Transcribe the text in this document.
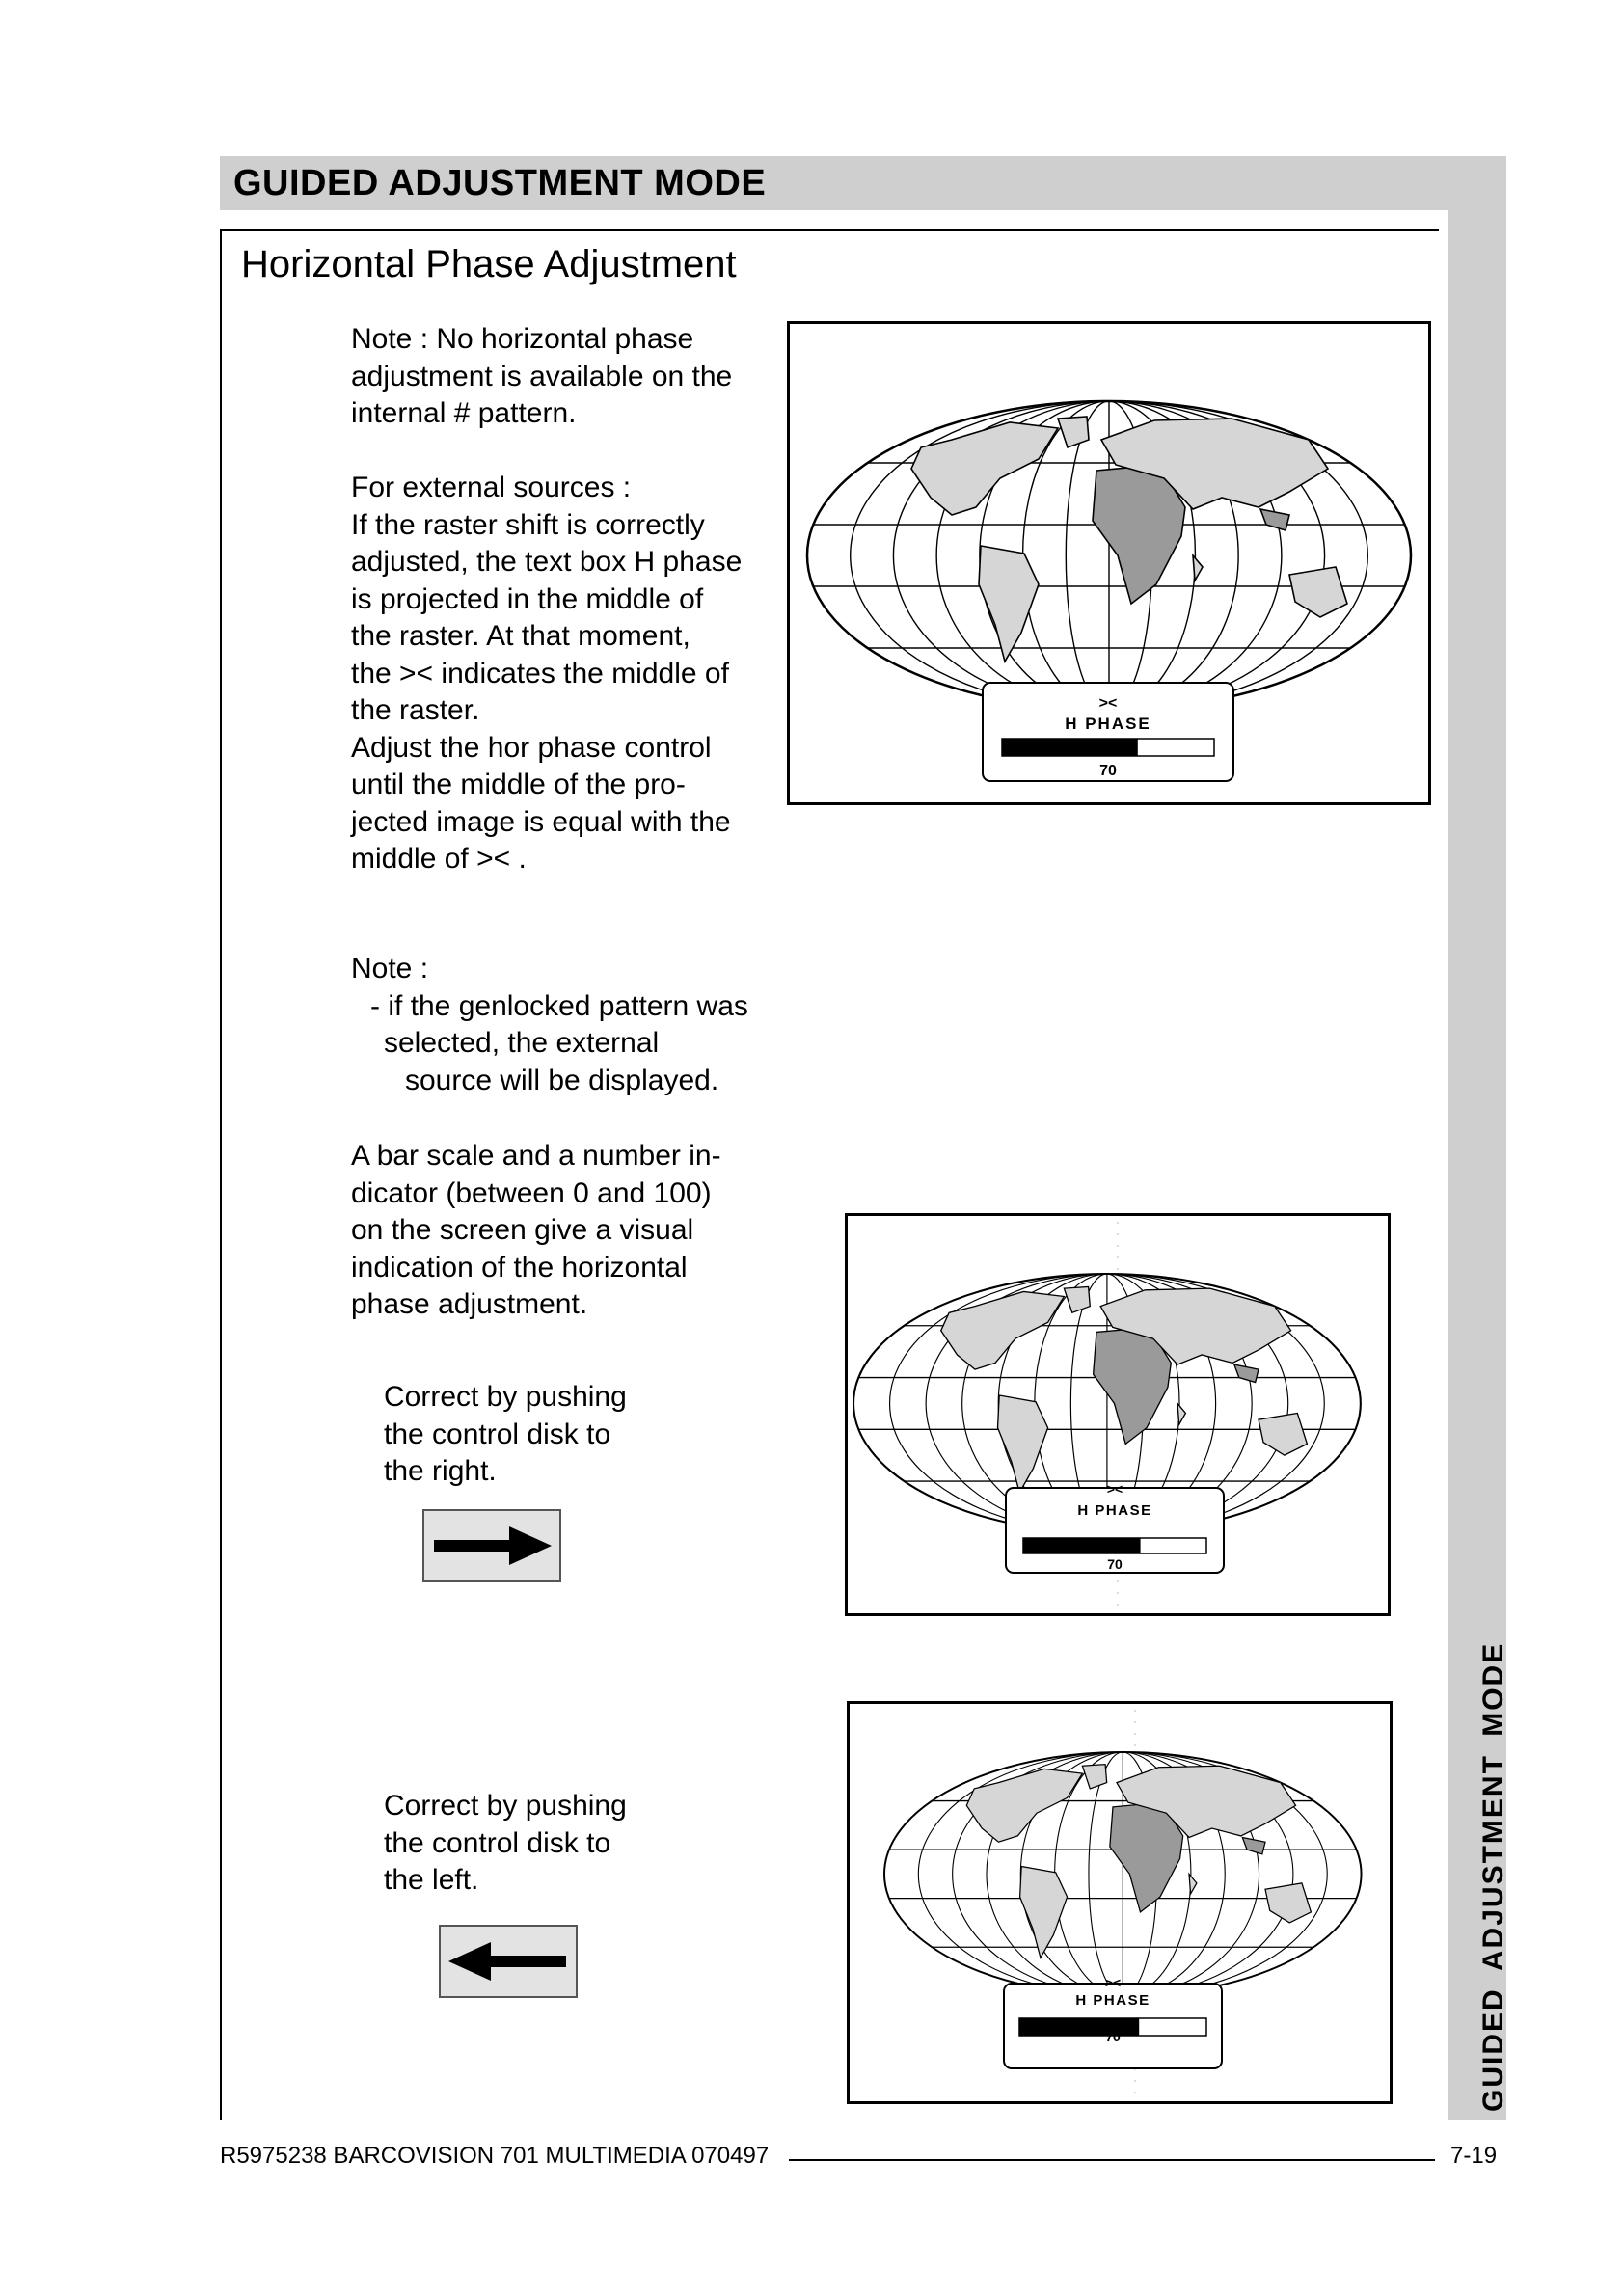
GUIDED ADJUSTMENT MODE
GUIDED ADJUSTMENT MODE
Horizontal Phase Adjustment

Note : No horizontal phase

adjustment is available on the

internal # pattern.

For external sources :

If the raster shift is correctly

adjusted, the text box H phase

is projected in the middle of

the raster. At that moment,

the >< indicates the middle of

the raster.

Adjust the hor phase control

until the middle of the pro-

jected image is equal with the

middle of >< .

Note :
- if the genlocked pattern was
selected, the external
source will be displayed.

A bar scale and a number in-

dicator (between 0 and 100)

on the screen give a visual

indication of the horizontal

phase adjustment.

Correct by pushing
the control disk to
the right.
Correct by pushing
the control disk to
the left.
><
H PHASE
70
><
H PHASE
70
><
H PHASE
70
R5975238 BARCOVISION 701 MULTIMEDIA 070497	7-19
